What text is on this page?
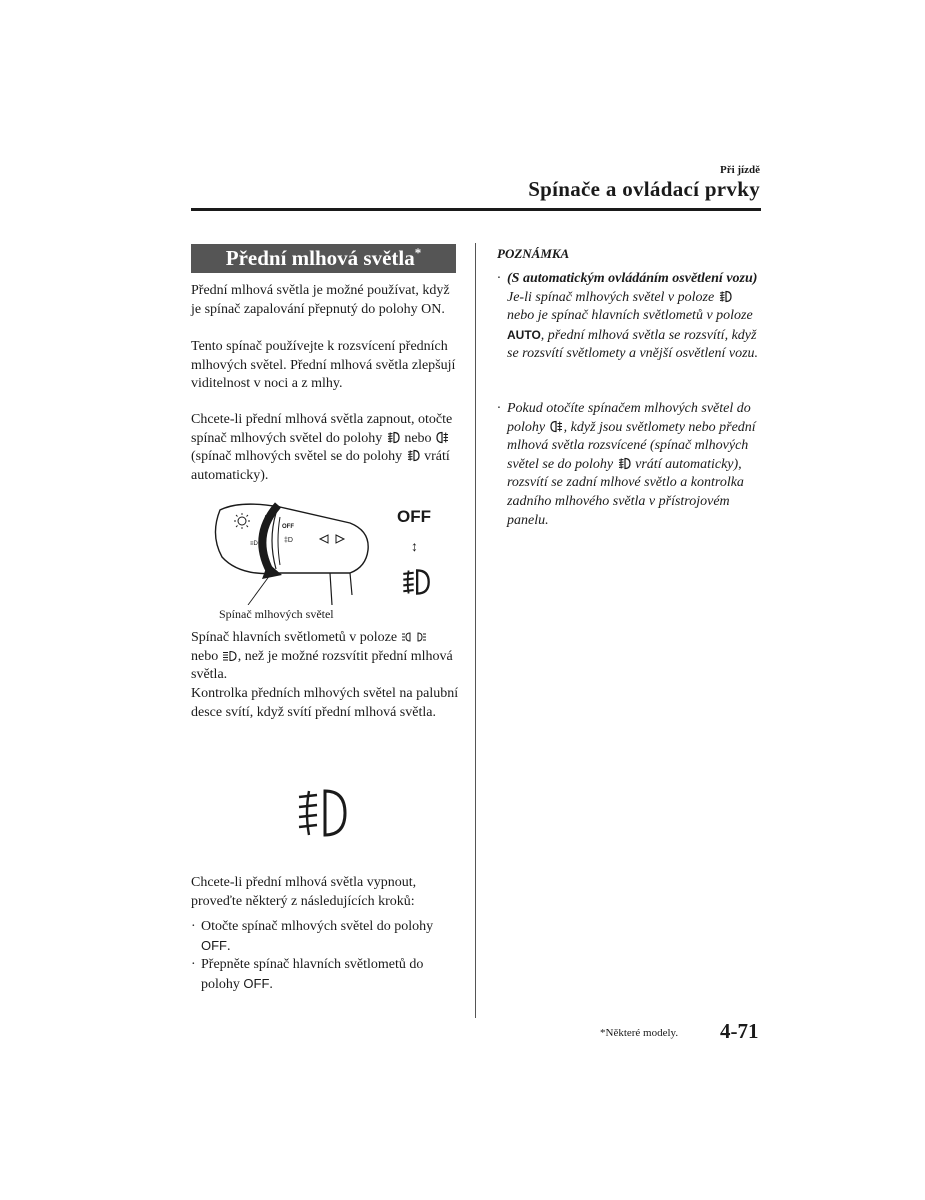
Při jízdě
Spínače a ovládací prvky
Přední mlhová světla*
Přední mlhová světla je možné používat, když je spínač zapalování přepnutý do polohy ON.
Tento spínač používejte k rozsvícení předních mlhových světel. Přední mlhová světla zlepšují viditelnost v noci a z mlhy.
Chcete-li přední mlhová světla zapnout, otočte spínač mlhových světel do polohy nebo
(spínač mlhových světel se do polohy vrátí automaticky).
≡D
OFF
‡D
OFF
↕
Spínač mlhových světel
Spínač hlavních světlometů v poloze

nebo , než je možné rozsvítit přední mlhová světla.
Kontrolka předních mlhových světel na palubní desce svítí, když svítí přední mlhová světla.
Chcete-li přední mlhová světla vypnout, proveďte některý z následujících kroků:
· Otočte spínač mlhových světel do polohy OFF.
· Přepněte spínač hlavních světlometů do polohy OFF.
POZNÁMKA
· (S automatickým ovládáním osvětlení vozu)
Je-li spínač mlhových světel v poloze
nebo je spínač hlavních světlometů v poloze AUTO, přední mlhová světla se rozsvítí, když se rozsvítí světlomety a vnější osvětlení vozu.
· Pokud otočíte spínačem mlhových světel do polohy , když jsou světlomety nebo přední mlhová světla rozsvícené (spínač mlhových světel se do polohy vrátí automaticky), rozsvítí se zadní mlhové světlo a kontrolka zadního mlhového světla v přístrojovém panelu.
*Některé modely. 4-71
